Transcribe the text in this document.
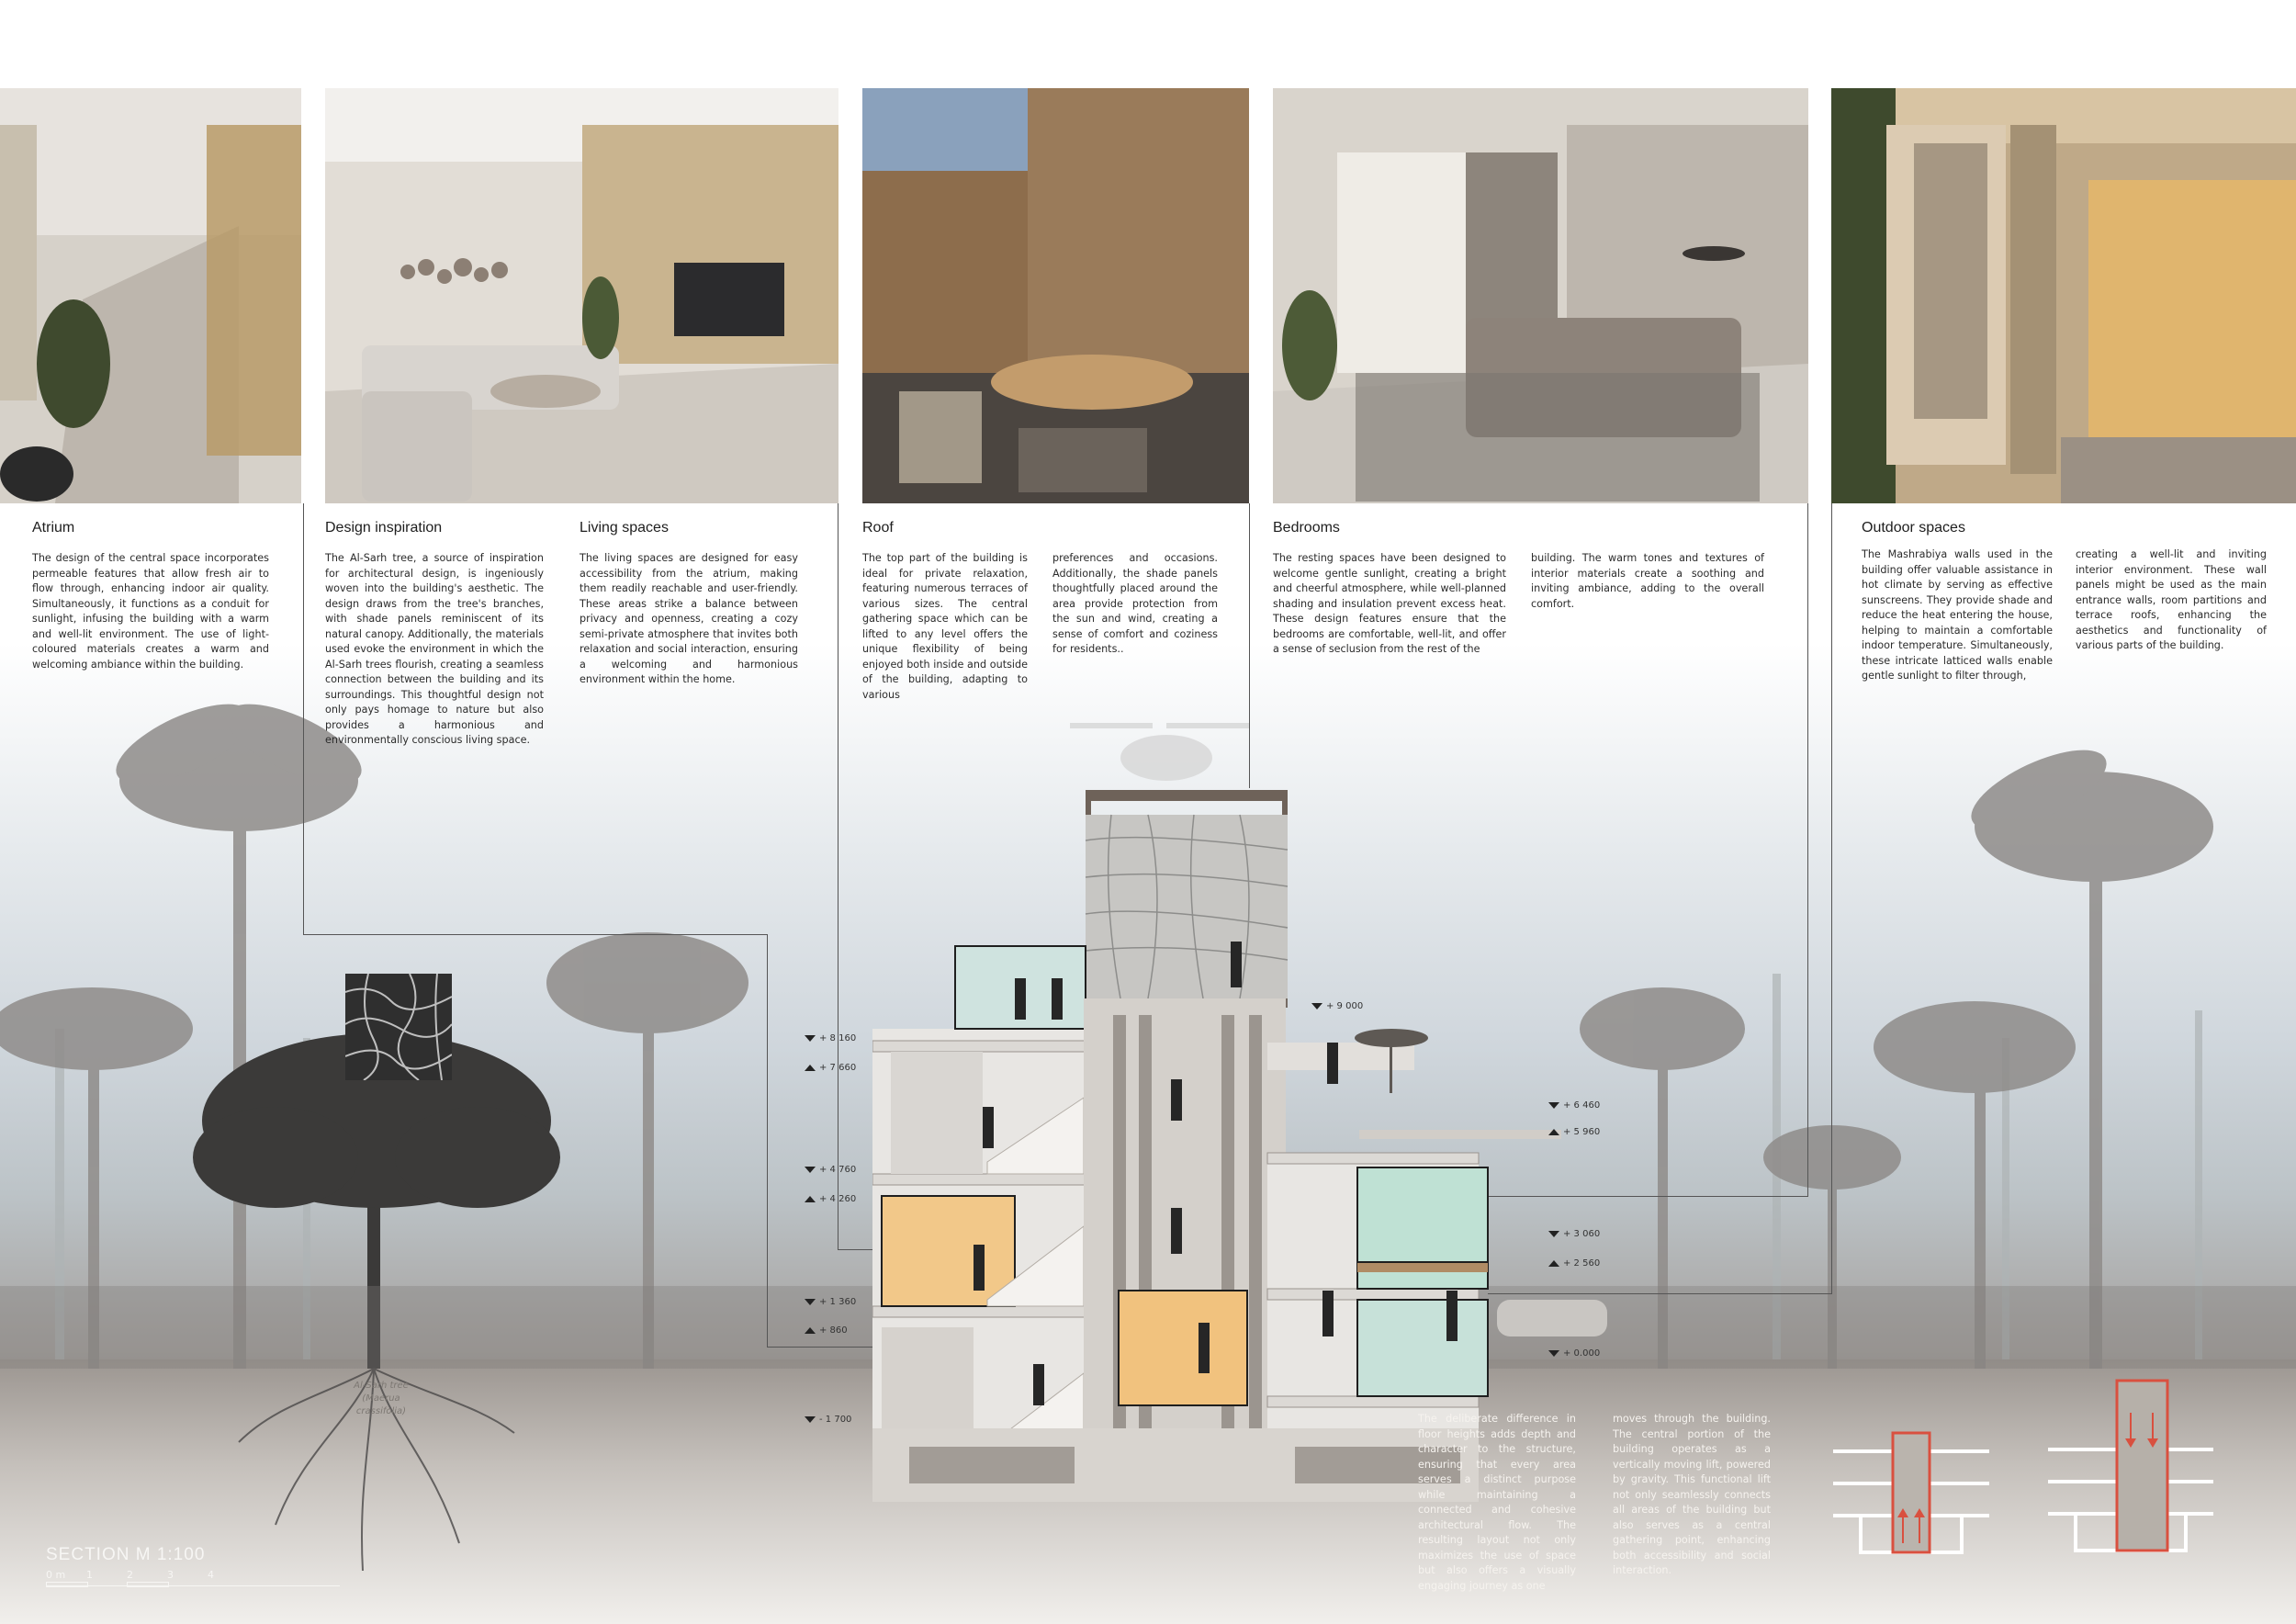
Atrium

The design of the central space incorporates permeable features that allow fresh air to flow through, enhancing indoor air quality. Simultaneously, it functions as a conduit for sunlight, infusing the building with a warm and well-lit environment. The use of light-coloured materials creates a warm and welcoming ambiance within the building.

Design inspiration

The Al-Sarh tree, a source of inspiration for architectural design, is ingeniously woven into the building's aesthetic. The design draws from the tree's branches, with shade panels reminiscent of its natural canopy. Additionally, the materials used evoke the environment in which the Al-Sarh trees flourish, creating a seamless connection between the building and its surroundings. This thoughtful design not only pays homage to nature but also provides a harmonious and environmentally conscious living space.

Living spaces

The living spaces are designed for easy accessibility from the atrium, making them readily reachable and user-friendly. These areas strike a balance between privacy and openness, creating a cozy semi-private atmosphere that invites both relaxation and social interaction, ensuring a welcoming and harmonious environment within the home.

Roof

The top part of the building is ideal for private relaxation, featuring numerous terraces of various sizes. The central gathering space which can be lifted to any level offers the unique flexibility of being enjoyed both inside and outside of the building, adapting to various

preferences and occasions. Additionally, the shade panels thoughtfully placed around the area provide protection from the sun and wind, creating a sense of comfort and coziness for residents..

Bedrooms

The resting spaces have been designed to welcome gentle sunlight, creating a bright and cheerful atmosphere, while well-planned shading and insulation prevent excess heat. These design features ensure that the bedrooms are comfortable, well-lit, and offer a sense of seclusion from the rest of the

building. The warm tones and textures of interior materials create a soothing and inviting ambiance, adding to the overall comfort.

Outdoor spaces

The Mashrabiya walls used in the building offer valuable assistance in hot climate by serving as effective sunscreens. They provide shade and reduce the heat entering the house, helping to maintain a comfortable indoor temperature. Simultaneously, these intricate latticed walls enable gentle sunlight to filter through,

creating a well-lit and inviting interior environment. These wall panels might be used as the main entrance walls, room partitions and terrace roofs, enhancing the aesthetics and functionality of various parts of the building.

+ 8 160
+ 7 660
+ 4 760
+ 4 260
+ 1 360
+ 860
- 1 700
+ 9 000
+ 6 460
+ 5 960
+ 3 060
+ 2 560
+ 0.000
Al-Sarh tree
(Maerua crassifolia)

The deliberate difference in floor heights adds depth and character to the structure, ensuring that every area serves a distinct purpose while maintaining a connected and cohesive architectural flow. The resulting layout not only maximizes the use of space but also offers a visually engaging journey as one

moves through the building. The central portion of the building operates as a vertically moving lift, powered by gravity. This functional lift not only seamlessly connects all areas of the building but also serves as a central gathering point, enhancing both accessibility and social interaction.

SECTION M 1:100
0 m 1	2	3	4
